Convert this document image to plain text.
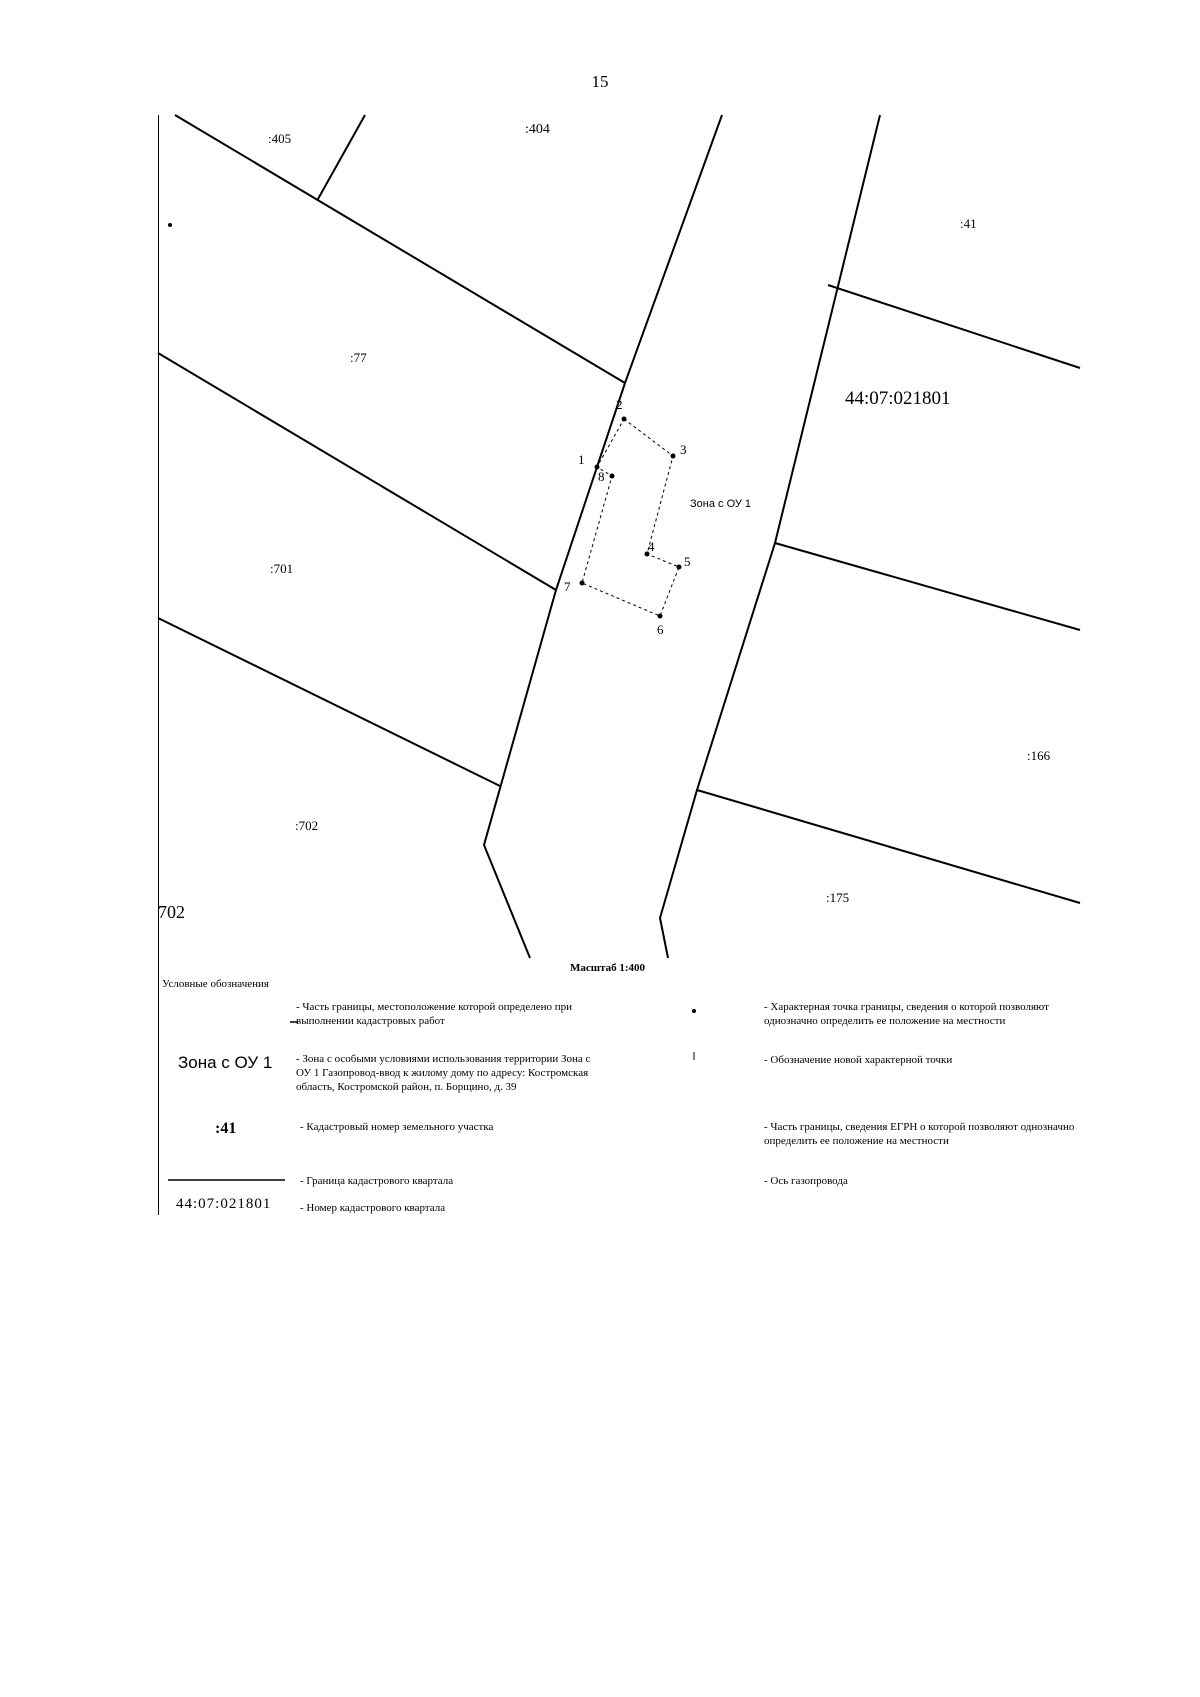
15
1
2
3
4
5
6
7
8
:405
:404
:41
:77
:701
:702
:166
:175
702
44:07:021801
Зона с ОУ 1
Масштаб 1:400
Условные обозначения
Зона с ОУ 1
:41
44:07:021801
- Часть границы, местоположение которой определено при выполнении кадастровых работ
- Зона с особыми условиями использования территории Зона с ОУ 1 Газопровод-ввод к жилому дому по адресу: Костромская область, Костромской район, п. Борщино, д. 39
- Кадастровый номер земельного участка
- Граница кадастрового квартала
- Номер кадастрового квартала
- Характерная точка границы, сведения о которой позволяют однозначно определить ее положение на местности
- Обозначение новой характерной точки
- Часть границы, сведения ЕГРН о которой позволяют однозначно определить ее положение на местности
- Ось газопровода
